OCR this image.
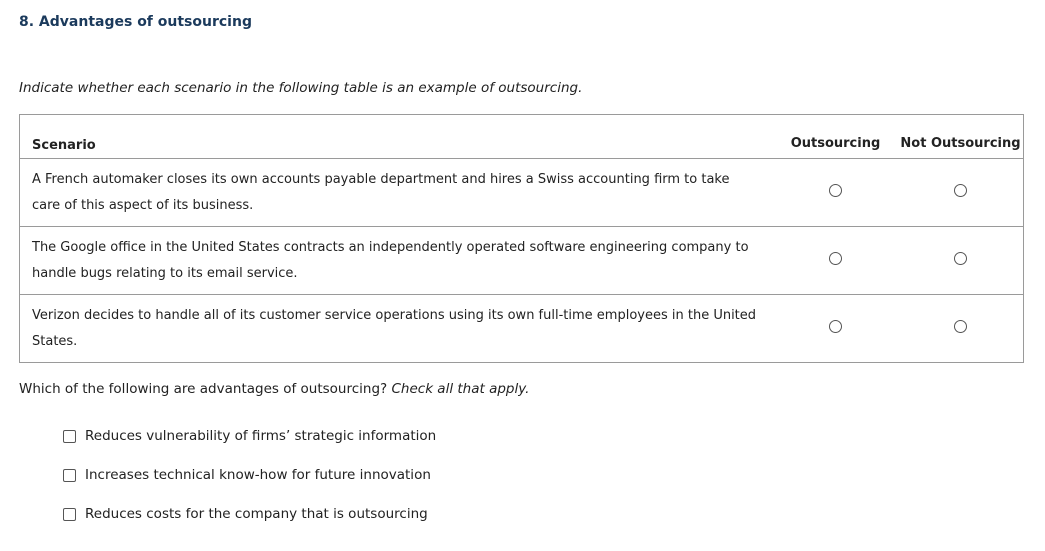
8. Advantages of outsourcing
Indicate whether each scenario in the following table is an example of outsourcing.
Scenario	Outsourcing	Not Outsourcing
A French automaker closes its own accounts payable department and hires a Swiss accounting firm to take care of this aspect of its business.		
The Google office in the United States contracts an independently operated software engineering company to handle bugs relating to its email service.		
Verizon decides to handle all of its customer service operations using its own full-time employees in the United States.		
Which of the following are advantages of outsourcing? Check all that apply.
Reduces vulnerability of firms’ strategic information
Increases technical know-how for future innovation
Reduces costs for the company that is outsourcing
